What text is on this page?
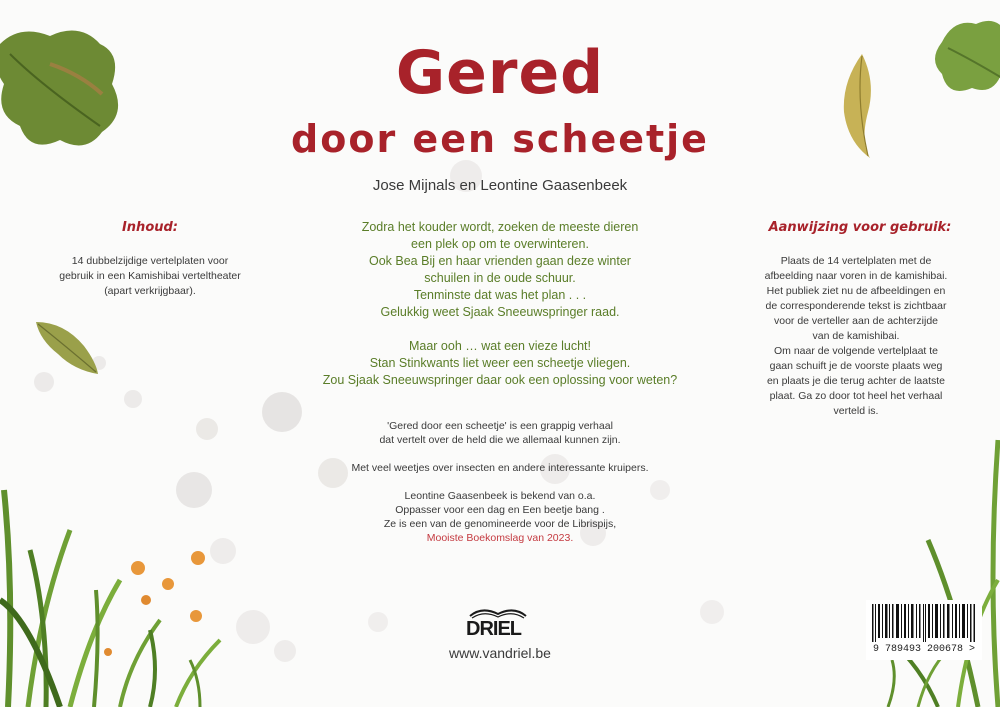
Gered
door een scheetje
Jose Mijnals en Leontine Gaasenbeek
Inhoud:
14 dubbelzijdige vertelplaten voor
gebruik in een Kamishibai verteltheater
(apart verkrijgbaar).
Aanwijzing voor gebruik:
Plaats de 14 vertelplaten met de
afbeelding naar voren in de kamishibai.
Het publiek ziet nu de afbeeldingen en
de corresponderende tekst is zichtbaar
voor de verteller aan de achterzijde
van de kamishibai.
Om naar de volgende vertelplaat te
gaan schuift je de voorste plaats weg
en plaats je die terug achter de laatste
plaat. Ga zo door tot heel het verhaal
verteld is.

Zodra het kouder wordt, zoeken de meeste dieren
een plek op om te overwinteren.
Ook Bea Bij en haar vrienden gaan deze winter
schuilen in de oude schuur.
Tenminste dat was het plan . . .
Gelukkig weet Sjaak Sneeuwspringer raad.

Maar ooh … wat een vieze lucht!
Stan Stinkwants liet weer een scheetje vliegen.
Zou Sjaak Sneeuwspringer daar ook een oplossing voor weten?

'Gered door een scheetje' is een grappig verhaal
dat vertelt over de held die we allemaal kunnen zijn.

Met veel weetjes over insecten en andere interessante kruipers.

Leontine Gaasenbeek is bekend van o.a.
Oppasser voor een dag en Een beetje bang .
Ze is een van de genomineerde voor de Librispijs,
Mooiste Boekomslag van 2023.

DRIEL
www.vandriel.be	9 789493 200678 >
